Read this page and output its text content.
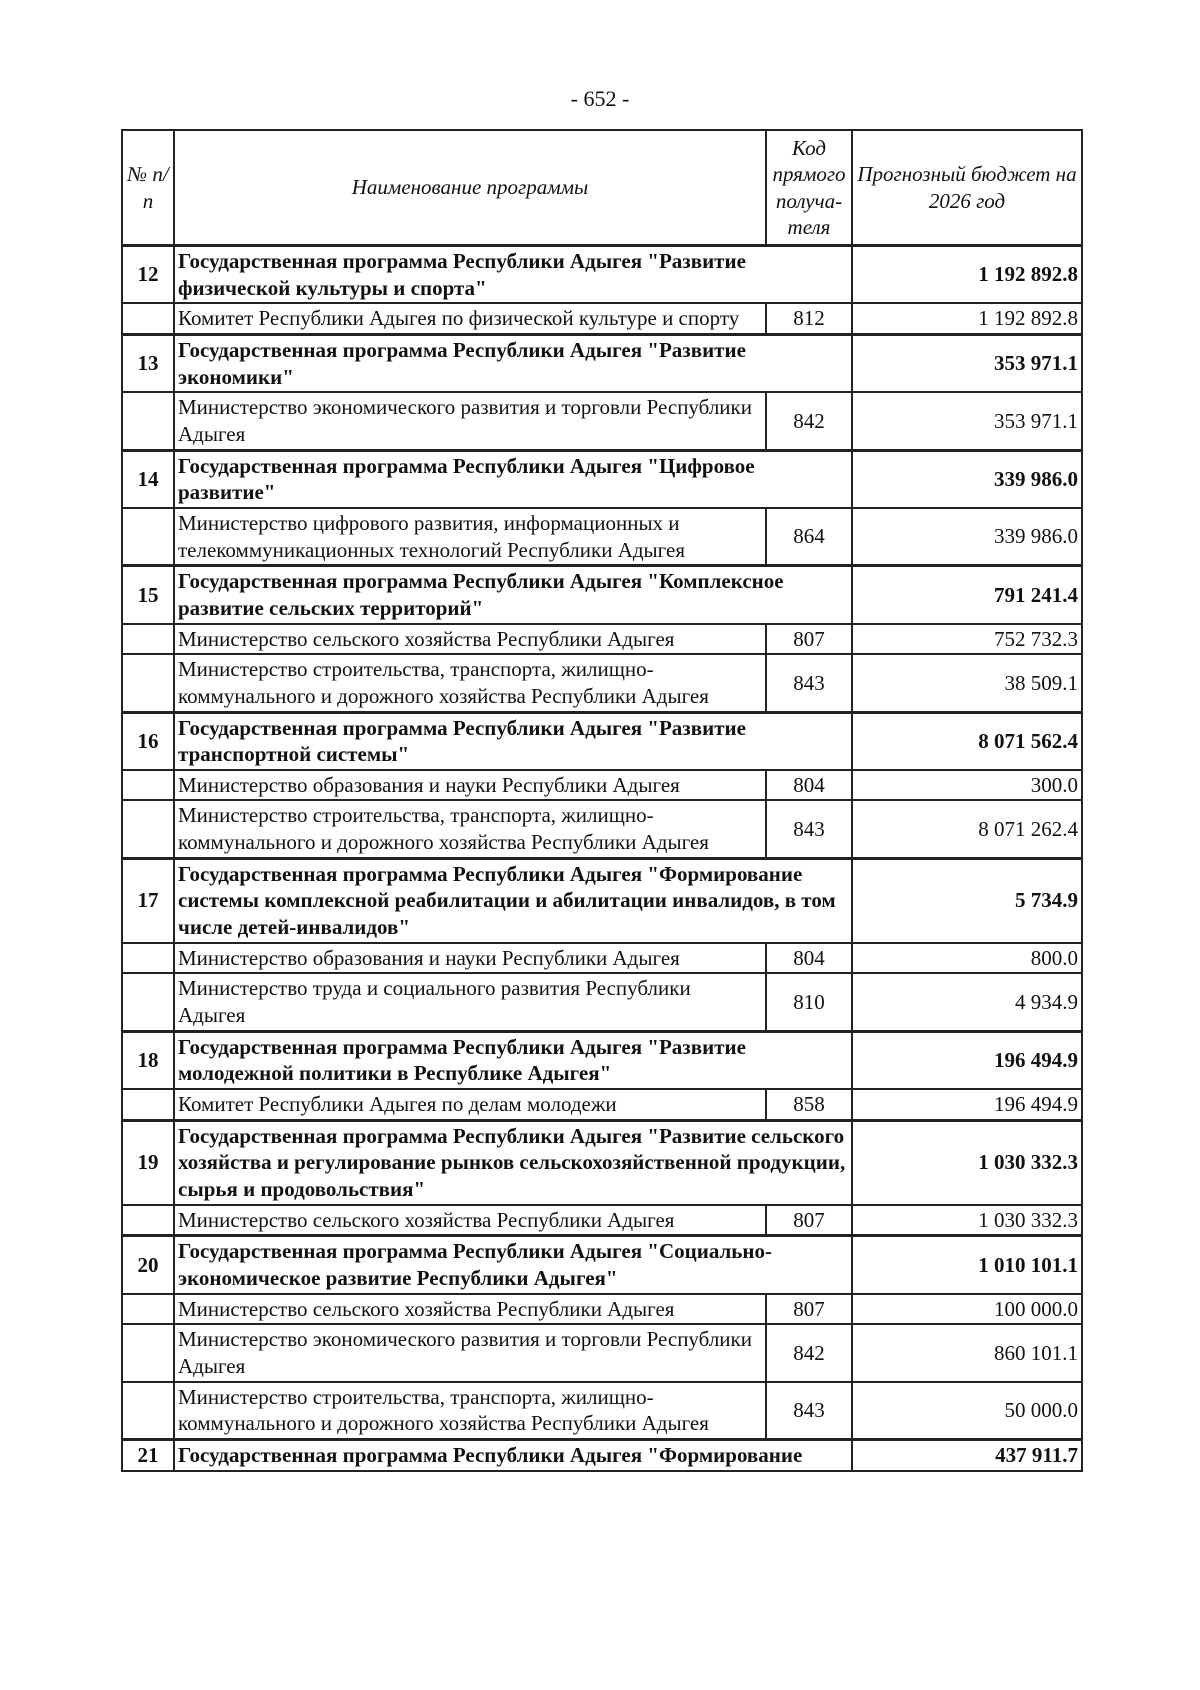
- 652 -
№ п/п	Наименование программы	Код прямого получа-теля	Прогнозный бюджет на 2026 год
12	Государственная программа Республики Адыгея "Развитие физической культуры и спорта"		1 192 892.8
	Комитет Республики Адыгея по физической культуре и спорту	812	1 192 892.8
13	Государственная программа Республики Адыгея "Развитие экономики"		353 971.1
	Министерство экономического развития и торговли Республики Адыгея	842	353 971.1
14	Государственная программа Республики Адыгея "Цифровое развитие"		339 986.0
	Министерство цифрового развития, информационных и телекоммуникационных технологий Республики Адыгея	864	339 986.0
15	Государственная программа Республики Адыгея "Комплексное развитие сельских территорий"		791 241.4
	Министерство сельского хозяйства Республики Адыгея	807	752 732.3
	Министерство строительства, транспорта, жилищно-коммунального и дорожного хозяйства Республики Адыгея	843	38 509.1
16	Государственная программа Республики Адыгея "Развитие транспортной системы"		8 071 562.4
	Министерство образования и науки Республики Адыгея	804	300.0
	Министерство строительства, транспорта, жилищно-коммунального и дорожного хозяйства Республики Адыгея	843	8 071 262.4
17	Государственная программа Республики Адыгея "Формирование системы комплексной реабилитации и абилитации инвалидов, в том числе детей-инвалидов"		5 734.9
	Министерство образования и науки Республики Адыгея	804	800.0
	Министерство труда и социального развития Республики Адыгея	810	4 934.9
18	Государственная программа Республики Адыгея "Развитие молодежной политики в Республике Адыгея"		196 494.9
	Комитет Республики Адыгея по делам молодежи	858	196 494.9
19	Государственная программа Республики Адыгея "Развитие сельского хозяйства и регулирование рынков сельскохозяйственной продукции, сырья и продовольствия"		1 030 332.3
	Министерство сельского хозяйства Республики Адыгея	807	1 030 332.3
20	Государственная программа Республики Адыгея "Социально-экономическое развитие Республики Адыгея"		1 010 101.1
	Министерство сельского хозяйства Республики Адыгея	807	100 000.0
	Министерство экономического развития и торговли Республики Адыгея	842	860 101.1
	Министерство строительства, транспорта, жилищно-коммунального и дорожного хозяйства Республики Адыгея	843	50 000.0
21	Государственная программа Республики Адыгея "Формирование		437 911.7
